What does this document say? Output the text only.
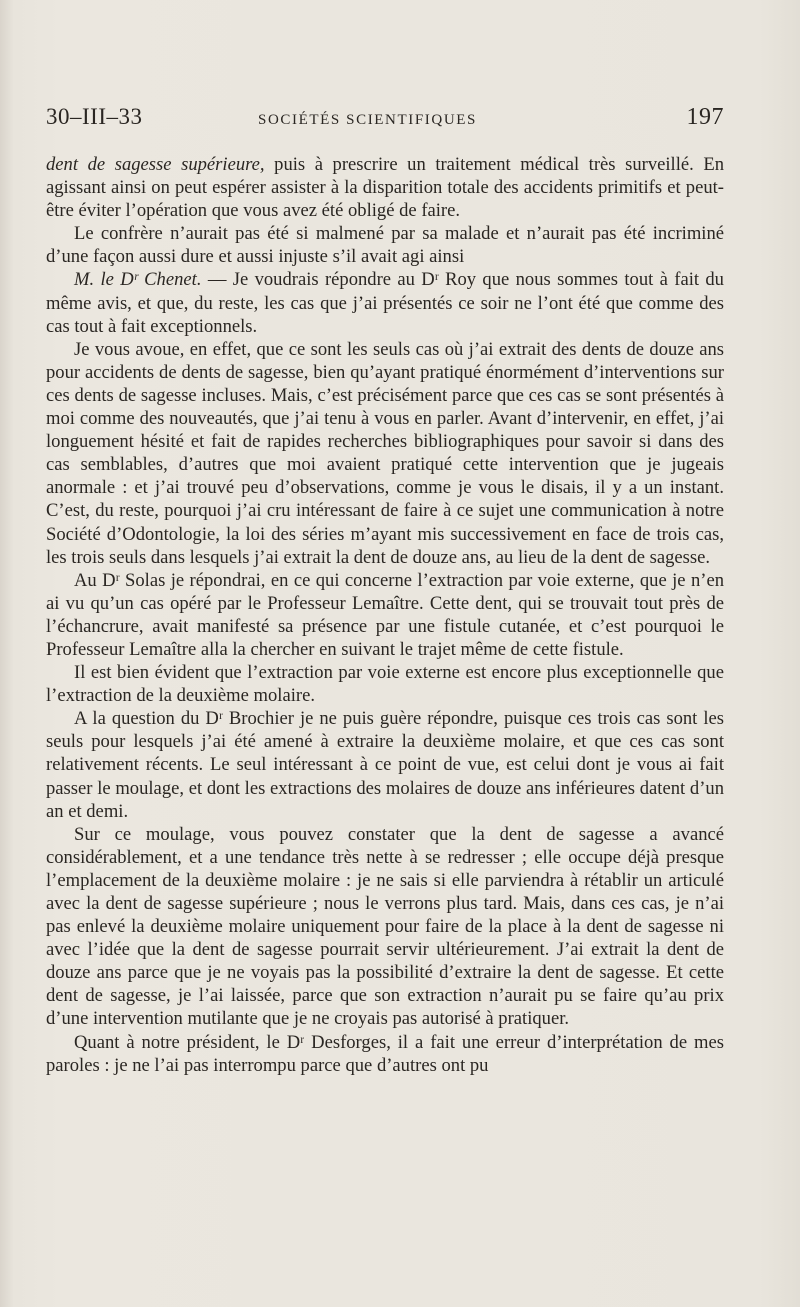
30–III–33	SOCIÉTÉS SCIENTIFIQUES	197

dent de sagesse supérieure, puis à prescrire un traitement médical très surveillé. En agissant ainsi on peut espérer assister à la disparition totale des accidents primitifs et peut-être éviter l’opération que vous avez été obligé de faire.

Le confrère n’aurait pas été si malmené par sa malade et n’aurait pas été incriminé d’une façon aussi dure et aussi injuste s’il avait agi ainsi

M. le Dʳ Chenet. — Je voudrais répondre au Dʳ Roy que nous sommes tout à fait du même avis, et que, du reste, les cas que j’ai présentés ce soir ne l’ont été que comme des cas tout à fait exceptionnels.

Je vous avoue, en effet, que ce sont les seuls cas où j’ai extrait des dents de douze ans pour accidents de dents de sagesse, bien qu’ayant pratiqué énormément d’interventions sur ces dents de sagesse incluses. Mais, c’est précisément parce que ces cas se sont présentés à moi comme des nouveautés, que j’ai tenu à vous en parler. Avant d’intervenir, en effet, j’ai longuement hésité et fait de rapides recherches bibliographiques pour savoir si dans des cas semblables, d’autres que moi avaient pratiqué cette intervention que je jugeais anormale : et j’ai trouvé peu d’observations, comme je vous le disais, il y a un instant. C’est, du reste, pourquoi j’ai cru intéressant de faire à ce sujet une communication à notre Société d’Odontologie, la loi des séries m’ayant mis successivement en face de trois cas, les trois seuls dans lesquels j’ai extrait la dent de douze ans, au lieu de la dent de sagesse.

Au Dʳ Solas je répondrai, en ce qui concerne l’extraction par voie externe, que je n’en ai vu qu’un cas opéré par le Professeur Lemaître. Cette dent, qui se trouvait tout près de l’échancrure, avait manifesté sa présence par une fistule cutanée, et c’est pourquoi le Professeur Lemaître alla la chercher en suivant le trajet même de cette fistule.

Il est bien évident que l’extraction par voie externe est encore plus exceptionnelle que l’extraction de la deuxième molaire.

A la question du Dʳ Brochier je ne puis guère répondre, puisque ces trois cas sont les seuls pour lesquels j’ai été amené à extraire la deuxième molaire, et que ces cas sont relativement récents. Le seul intéressant à ce point de vue, est celui dont je vous ai fait passer le moulage, et dont les extractions des molaires de douze ans inférieures datent d’un an et demi.

Sur ce moulage, vous pouvez constater que la dent de sagesse a avancé considérablement, et a une tendance très nette à se redresser ; elle occupe déjà presque l’emplacement de la deuxième molaire : je ne sais si elle parviendra à rétablir un articulé avec la dent de sagesse supérieure ; nous le verrons plus tard. Mais, dans ces cas, je n’ai pas enlevé la deuxième molaire uniquement pour faire de la place à la dent de sagesse ni avec l’idée que la dent de sagesse pourrait servir ultérieurement. J’ai extrait la dent de douze ans parce que je ne voyais pas la possibilité d’extraire la dent de sagesse. Et cette dent de sagesse, je l’ai laissée, parce que son extraction n’aurait pu se faire qu’au prix d’une intervention mutilante que je ne croyais pas autorisé à pratiquer.

Quant à notre président, le Dʳ Desforges, il a fait une erreur d’interprétation de mes paroles : je ne l’ai pas interrompu parce que d’autres ont pu
